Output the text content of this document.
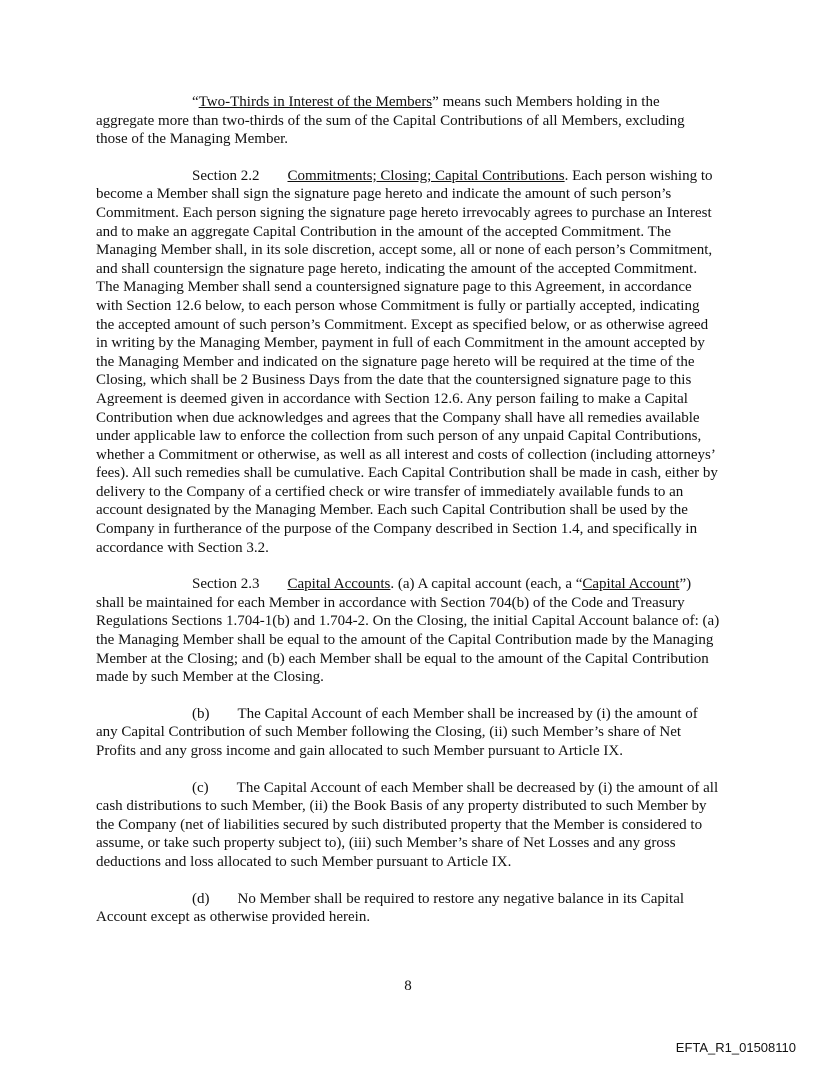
“Two-Thirds in Interest of the Members” means such Members holding in the aggregate more than two-thirds of the sum of the Capital Contributions of all Members, excluding those of the Managing Member.

Section 2.2 Commitments; Closing; Capital Contributions. Each person wishing to become a Member shall sign the signature page hereto and indicate the amount of such person’s Commitment. Each person signing the signature page hereto irrevocably agrees to purchase an Interest and to make an aggregate Capital Contribution in the amount of the accepted Commitment. The Managing Member shall, in its sole discretion, accept some, all or none of each person’s Commitment, and shall countersign the signature page hereto, indicating the amount of the accepted Commitment. The Managing Member shall send a countersigned signature page to this Agreement, in accordance with Section 12.6 below, to each person whose Commitment is fully or partially accepted, indicating the accepted amount of such person’s Commitment. Except as specified below, or as otherwise agreed in writing by the Managing Member, payment in full of each Commitment in the amount accepted by the Managing Member and indicated on the signature page hereto will be required at the time of the Closing, which shall be 2 Business Days from the date that the countersigned signature page to this Agreement is deemed given in accordance with Section 12.6. Any person failing to make a Capital Contribution when due acknowledges and agrees that the Company shall have all remedies available under applicable law to enforce the collection from such person of any unpaid Capital Contributions, whether a Commitment or otherwise, as well as all interest and costs of collection (including attorneys’ fees). All such remedies shall be cumulative. Each Capital Contribution shall be made in cash, either by delivery to the Company of a certified check or wire transfer of immediately available funds to an account designated by the Managing Member. Each such Capital Contribution shall be used by the Company in furtherance of the purpose of the Company described in Section 1.4, and specifically in accordance with Section 3.2.

Section 2.3 Capital Accounts. (a) A capital account (each, a “Capital Account”) shall be maintained for each Member in accordance with Section 704(b) of the Code and Treasury Regulations Sections 1.704-1(b) and 1.704-2. On the Closing, the initial Capital Account balance of: (a) the Managing Member shall be equal to the amount of the Capital Contribution made by the Managing Member at the Closing; and (b) each Member shall be equal to the amount of the Capital Contribution made by such Member at the Closing.

(b) The Capital Account of each Member shall be increased by (i) the amount of any Capital Contribution of such Member following the Closing, (ii) such Member’s share of Net Profits and any gross income and gain allocated to such Member pursuant to Article IX.

(c) The Capital Account of each Member shall be decreased by (i) the amount of all cash distributions to such Member, (ii) the Book Basis of any property distributed to such Member by the Company (net of liabilities secured by such distributed property that the Member is considered to assume, or take such property subject to), (iii) such Member’s share of Net Losses and any gross deductions and loss allocated to such Member pursuant to Article IX.

(d) No Member shall be required to restore any negative balance in its Capital Account except as otherwise provided herein.

8
EFTA_R1_01508110
